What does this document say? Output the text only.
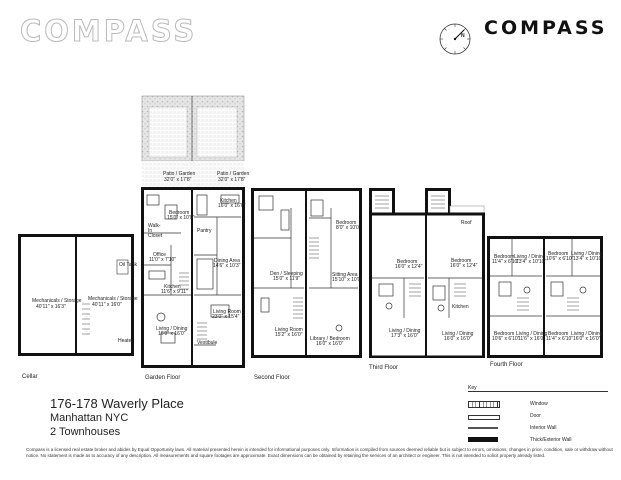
COMPASS	COMPASS
N
Mechanicals / Storage
40'11" x 16'3"
Mechanicals / Storage
40'11" x 16'0"
Oil Tank
Heater
Cellar
Patio / Garden
32'0" x 17'8"
Patio / Garden
32'0" x 17'8"
Bedroom
15'0" x 10'0"
Walk-In Closet
Office
11'0" x 7'10"
Kitchen
11'6" x 9'11"
Living / Dining
16'0" x 16'0"
Kitchen
16'0" x 16'0"
Pantry
Dining Area
14'6" x 10'3"
Living Room
23'0" x 15'4"
Vestibule
Garden Floor
Den / Sleeping
15'0" x 11'9"
Living Room
15'2" x 16'0"
Bedroom
8'0" x 10'0"
Sitting Area
15'10" x 10'0"
Library / Bedroom
16'0" x 16'0"
Second Floor
Roof
Bedroom
16'0" x 12'4"
Living / Dining
17'3" x 16'0"
Bedroom
16'0" x 12'4"
Kitchen
Living / Dining
16'0" x 16'0"
Third Floor
Bedroom
11'4" x 6'10"
Living / Dining
13'4" x 10'10"
Bedroom
10'6" x 6'10"
Living / Dining
11'6" x 16'0"
Bedroom
10'6" x 6'10"
Living / Dining
13'4" x 10'10"
Bedroom
11'4" x 6'10"
Living / Dining
16'0" x 16'0"
Fourth Floor
176-178 Waverly Place
Manhattan NYC
2 Townhouses
Key
Window
Door
Interior Wall
Thick/Exterior Wall
Compass is a licensed real estate broker and abides by Equal Opportunity laws. All material presented herein is intended for informational purposes only. Information is compiled from sources deemed reliable but is subject to errors, omissions, changes in price, condition, sale or withdraw without notice. No statement is made as to accuracy of any description. All measurements and square footages are approximate. Exact dimensions can be obtained by retaining the services of an architect or engineer. This is not intended to solicit property already listed.
